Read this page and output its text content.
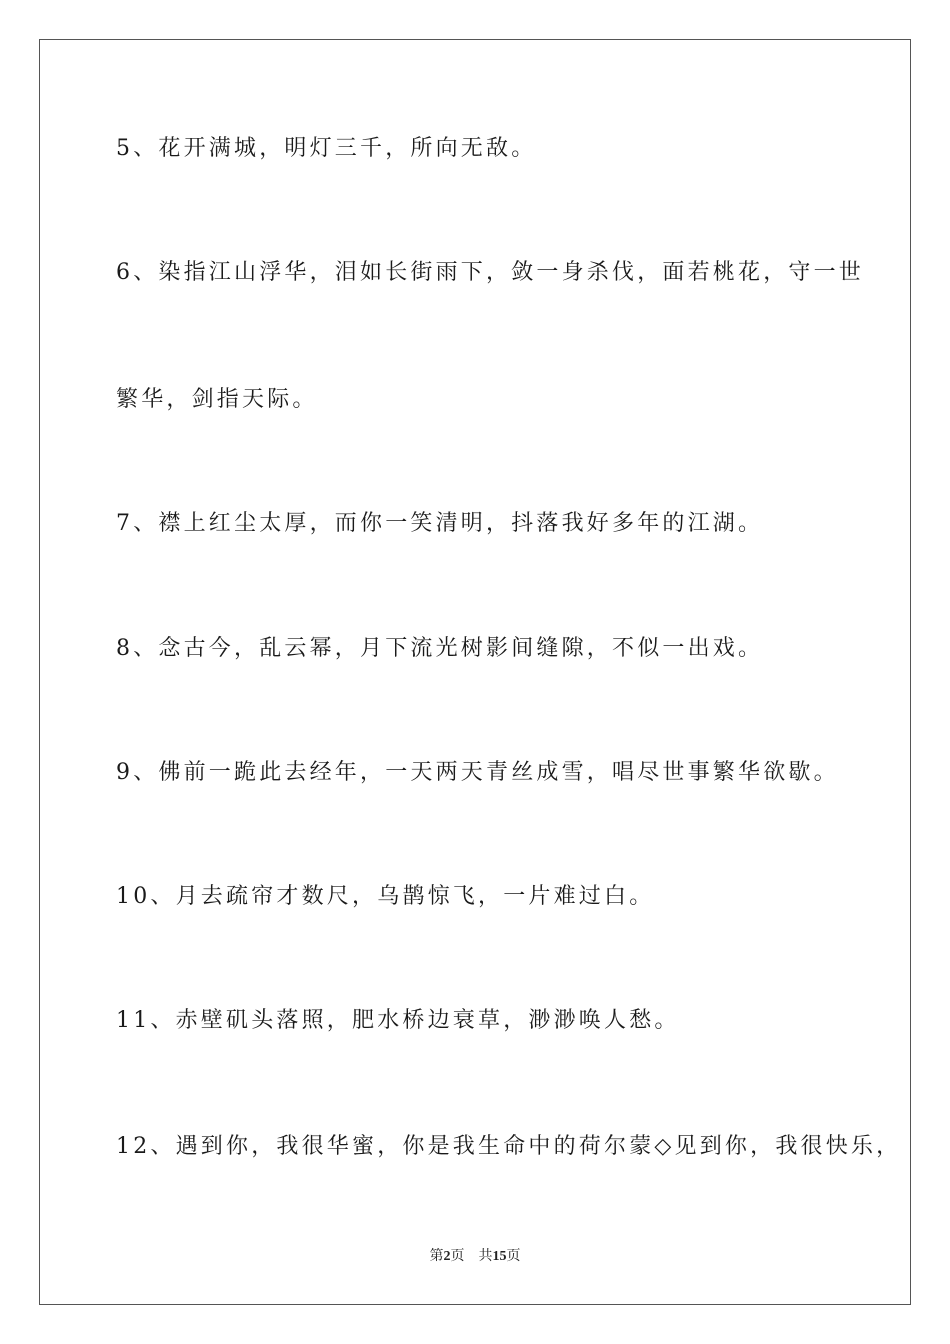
5、花开满城，明灯三千，所向无敌。
6、染指江山浮华，泪如长街雨下，敛一身杀伐，面若桃花，守一世
繁华，剑指天际。
7、襟上红尘太厚，而你一笑清明，抖落我好多年的江湖。
8、念古今，乱云幂，月下流光树影间缝隙，不似一出戏。
9、佛前一跪此去经年，一天两天青丝成雪，唱尽世事繁华欲歇。
10、月去疏帘才数尺，乌鹊惊飞，一片难过白。
11、赤壁矶头落照，肥水桥边衰草，渺渺唤人愁。
12、遇到你，我很华蜜，你是我生命中的荷尔蒙◇见到你，我很快乐，
第2页 共15页
